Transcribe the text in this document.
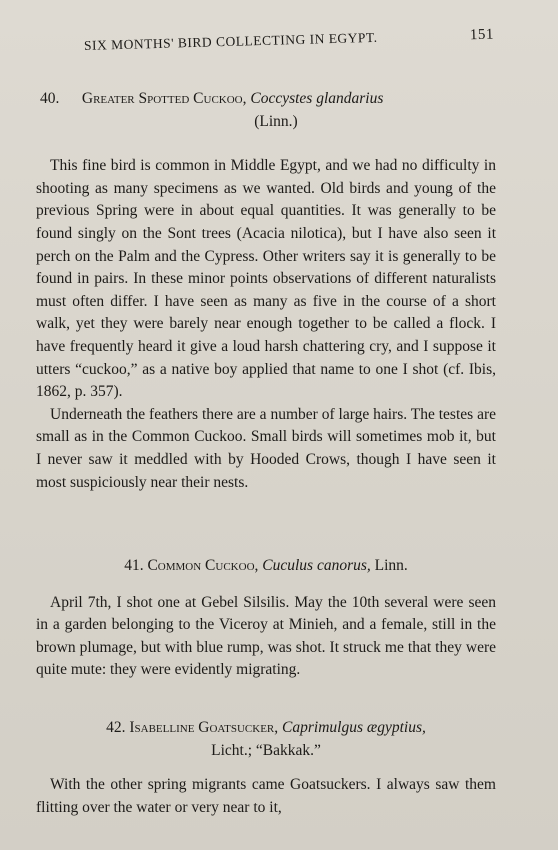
SIX MONTHS' BIRD COLLECTING IN EGYPT.	151
40. Greater Spotted Cuckoo, Coccystes glandarius
(Linn.)

This fine bird is common in Middle Egypt, and we had no difficulty in shooting as many specimens as we wanted. Old birds and young of the previous Spring were in about equal quantities. It was generally to be found singly on the Sont trees (Acacia nilotica), but I have also seen it perch on the Palm and the Cypress. Other writers say it is generally to be found in pairs. In these minor points observations of different naturalists must often differ. I have seen as many as five in the course of a short walk, yet they were barely near enough together to be called a flock. I have frequently heard it give a loud harsh chattering cry, and I suppose it utters “cuckoo,” as a native boy applied that name to one I shot (cf. Ibis, 1862, p. 357).

Underneath the feathers there are a number of large hairs. The testes are small as in the Common Cuckoo. Small birds will sometimes mob it, but I never saw it meddled with by Hooded Crows, though I have seen it most suspiciously near their nests.

41. Common Cuckoo, Cuculus canorus, Linn.

April 7th, I shot one at Gebel Silsilis. May the 10th several were seen in a garden belonging to the Viceroy at Minieh, and a female, still in the brown plumage, but with blue rump, was shot. It struck me that they were quite mute: they were evidently migrating.

42. Isabelline Goatsucker, Caprimulgus ægyptius,
Licht.; “Bakkak.”

With the other spring migrants came Goatsuckers. I always saw them flitting over the water or very near to it,
